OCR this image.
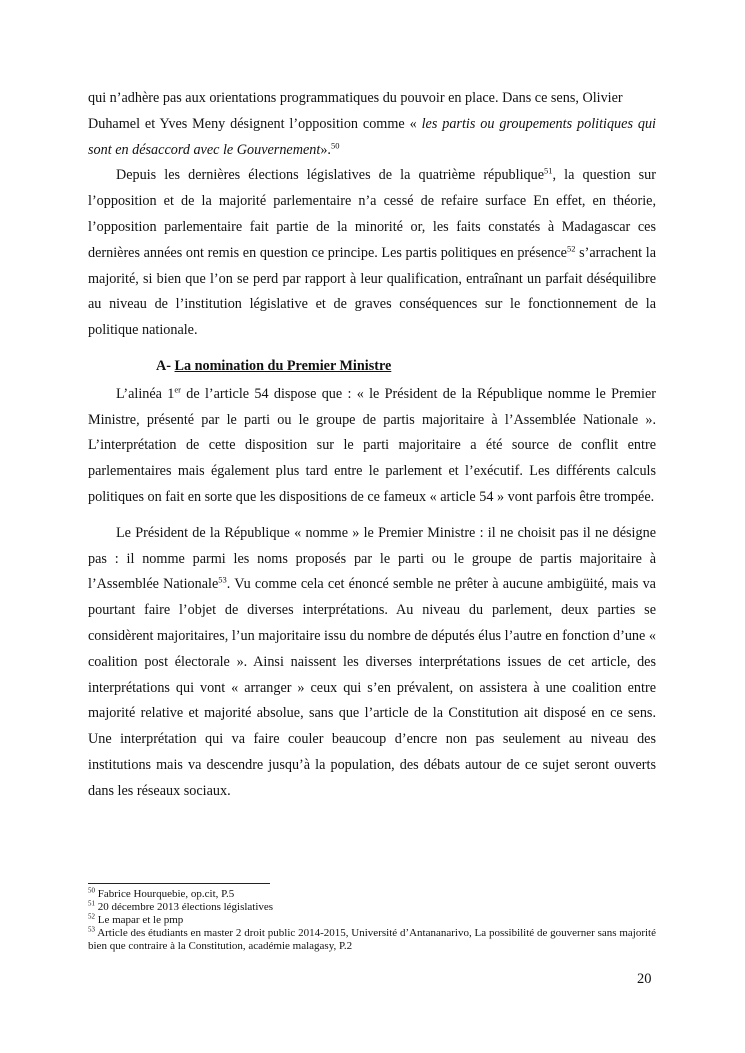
qui n’adhère pas aux orientations programmatiques du pouvoir en place. Dans ce sens, Olivier
Duhamel et Yves Meny désignent l’opposition comme « les partis ou groupements politiques qui sont en désaccord avec le Gouvernement».$^{50}$

Depuis les dernières élections législatives de la quatrième république$^{51}$, la question sur l’opposition et de la majorité parlementaire n’a cessé de refaire surface En effet, en théorie, l’opposition parlementaire fait partie de la minorité or, les faits constatés à Madagascar ces dernières années ont remis en question ce principe. Les partis politiques en présence$^{52}$ s’arrachent la majorité, si bien que l’on se perd par rapport à leur qualification, entraînant un parfait déséquilibre au niveau de l’institution législative et de graves conséquences sur le fonctionnement de la politique nationale.

A- La nomination du Premier Ministre

L’alinéa 1er de l’article 54 dispose que : « le Président de la République nomme le Premier Ministre, présenté par le parti ou le groupe de partis majoritaire à l’Assemblée Nationale ». L’interprétation de cette disposition sur le parti majoritaire a été source de conflit entre parlementaires mais également plus tard entre le parlement et l’exécutif. Les différents calculs politiques on fait en sorte que les dispositions de ce fameux « article 54 » vont parfois être trompée.

Le Président de la République « nomme » le Premier Ministre : il ne choisit pas il ne désigne pas : il nomme parmi les noms proposés par le parti ou le groupe de partis majoritaire à l’Assemblée Nationale$^{53}$. Vu comme cela cet énoncé semble ne prêter à aucune ambigüité, mais va pourtant faire l’objet de diverses interprétations. Au niveau du parlement, deux parties se considèrent majoritaires, l’un majoritaire issu du nombre de députés élus l’autre en fonction d’une « coalition post électorale ». Ainsi naissent les diverses interprétations issues de cet article, des interprétations qui vont « arranger » ceux qui s’en prévalent, on assistera à une coalition entre majorité relative et majorité absolue, sans que l’article de la Constitution ait disposé en ce sens. Une interprétation qui va faire couler beaucoup d’encre non pas seulement au niveau des institutions mais va descendre jusqu’à la population, des débats autour de ce sujet seront ouverts dans les réseaux sociaux.

$^{50}$ Fabrice Hourquebie, op.cit, P.5

$^{51}$ 20 décembre 2013 élections législatives

$^{52}$ Le mapar et le pmp

$^{53}$ Article des étudiants en master 2 droit public 2014-2015, Université d’Antananarivo, La possibilité de gouverner sans majorité bien que contraire à la Constitution, académie malagasy, P.2

20
